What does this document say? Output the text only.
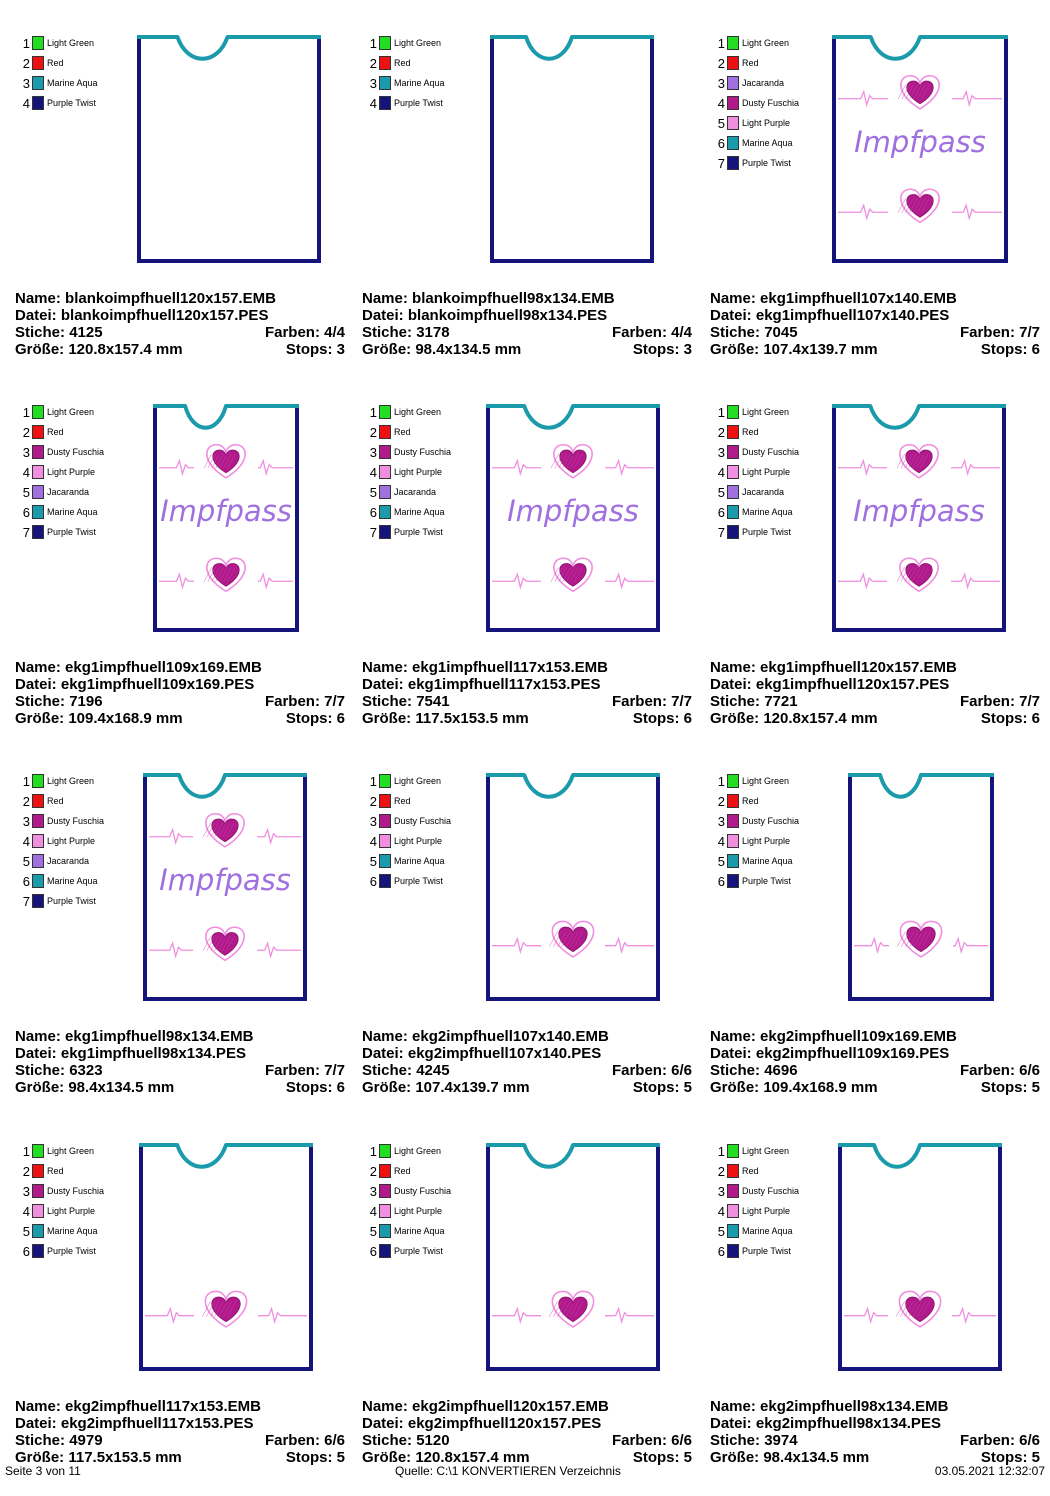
1 Light Green
2 Red
3 Marine Aqua
4 Purple Twist
Name: blankoimpfhuell120x157.EMB
Datei: blankoimpfhuell120x157.PES
Stiche: 4125	Farben: 4/4
Größe: 120.8x157.4 mm	Stops: 3
1 Light Green
2 Red
3 Marine Aqua
4 Purple Twist
Name: blankoimpfhuell98x134.EMB
Datei: blankoimpfhuell98x134.PES
Stiche: 3178	Farben: 4/4
Größe: 98.4x134.5 mm	Stops: 3
1 Light Green
2 Red
3 Jacaranda
4 Dusty Fuschia
5 Light Purple
6 Marine Aqua
7 Purple Twist
Impfpass
Name: ekg1impfhuell107x140.EMB
Datei: ekg1impfhuell107x140.PES
Stiche: 7045	Farben: 7/7
Größe: 107.4x139.7 mm	Stops: 6
1 Light Green
2 Red
3 Dusty Fuschia
4 Light Purple
5 Jacaranda
6 Marine Aqua
7 Purple Twist
Impfpass
Name: ekg1impfhuell109x169.EMB
Datei: ekg1impfhuell109x169.PES
Stiche: 7196	Farben: 7/7
Größe: 109.4x168.9 mm	Stops: 6
1 Light Green
2 Red
3 Dusty Fuschia
4 Light Purple
5 Jacaranda
6 Marine Aqua
7 Purple Twist
Impfpass
Name: ekg1impfhuell117x153.EMB
Datei: ekg1impfhuell117x153.PES
Stiche: 7541	Farben: 7/7
Größe: 117.5x153.5 mm	Stops: 6
1 Light Green
2 Red
3 Dusty Fuschia
4 Light Purple
5 Jacaranda
6 Marine Aqua
7 Purple Twist
Impfpass
Name: ekg1impfhuell120x157.EMB
Datei: ekg1impfhuell120x157.PES
Stiche: 7721	Farben: 7/7
Größe: 120.8x157.4 mm	Stops: 6
1 Light Green
2 Red
3 Dusty Fuschia
4 Light Purple
5 Jacaranda
6 Marine Aqua
7 Purple Twist
Impfpass
Name: ekg1impfhuell98x134.EMB
Datei: ekg1impfhuell98x134.PES
Stiche: 6323	Farben: 7/7
Größe: 98.4x134.5 mm	Stops: 6
1 Light Green
2 Red
3 Dusty Fuschia
4 Light Purple
5 Marine Aqua
6 Purple Twist
Name: ekg2impfhuell107x140.EMB
Datei: ekg2impfhuell107x140.PES
Stiche: 4245	Farben: 6/6
Größe: 107.4x139.7 mm	Stops: 5
1 Light Green
2 Red
3 Dusty Fuschia
4 Light Purple
5 Marine Aqua
6 Purple Twist
Name: ekg2impfhuell109x169.EMB
Datei: ekg2impfhuell109x169.PES
Stiche: 4696	Farben: 6/6
Größe: 109.4x168.9 mm	Stops: 5
1 Light Green
2 Red
3 Dusty Fuschia
4 Light Purple
5 Marine Aqua
6 Purple Twist
Name: ekg2impfhuell117x153.EMB
Datei: ekg2impfhuell117x153.PES
Stiche: 4979	Farben: 6/6
Größe: 117.5x153.5 mm	Stops: 5
1 Light Green
2 Red
3 Dusty Fuschia
4 Light Purple
5 Marine Aqua
6 Purple Twist
Name: ekg2impfhuell120x157.EMB
Datei: ekg2impfhuell120x157.PES
Stiche: 5120	Farben: 6/6
Größe: 120.8x157.4 mm	Stops: 5
1 Light Green
2 Red
3 Dusty Fuschia
4 Light Purple
5 Marine Aqua
6 Purple Twist
Name: ekg2impfhuell98x134.EMB
Datei: ekg2impfhuell98x134.PES
Stiche: 3974	Farben: 6/6
Größe: 98.4x134.5 mm	Stops: 5
Seite 3 von 11	Quelle: C:\1 KONVERTIEREN Verzeichnis	03.05.2021 12:32:07
